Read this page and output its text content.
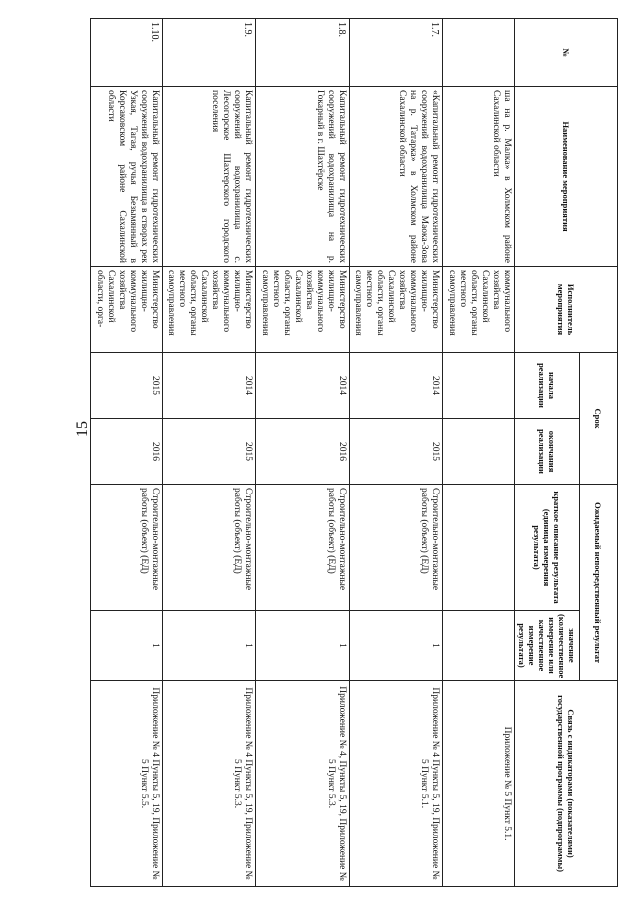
15
№	Наименование мероприятия	Исполнитель мероприятия	Срок		Ожидаемый непосредственный результат		Связь с индикаторами (показателями) государственной программы (подпрограммы)
			начала реализации	окончания реализации	краткое описание результата (единица измерения результата)	значение (количественное измерение или качественное измерение результата)	
	ша на р. Малка» в Холмском районе Сахалинской области	коммунального хозяйства Сахалинской области, органы местного самоуправления					Приложение № 5 Пункт 5.1.
1.7.	«Капитальный ремонт гидротехнических сооружений водохранилища Маока-Зова на р. Татарка» в Холмском районе Сахалинской области	Министерство жилищно-коммунального хозяйства Сахалинской области, органы местного самоуправления	2014	2015	Строительно-монтажные работы (объект) (ЕД)	1	Приложение № 4 Пункты 5, 19, Приложение № 5 Пункт 5.1.
1.8.	Капитальный ремонт гидротехнических сооружений водохранилища на р. Гокарный в г. Шахтёрске	Министерство жилищно-коммунального хозяйства Сахалинской области, органы местного самоуправления	2014	2016	Строительно-монтажные работы (объект) (ЕД)	1	Приложение № 4, Пункты 5, 19, Приложение № 5 Пункт 5.3.
1.9.	Капитальный ремонт гидротехнических сооружений водохранилища с. Лесогорское Шахтерского городского поселения	Министерство жилищно-коммунального хозяйства Сахалинской области, органы местного самоуправления	2014	2015	Строительно-монтажные работы (объект) (ЕД)	1	Приложение № 4 Пункты 5, 19, Приложение № 5 Пункт 5.3.
1.10.	Капитальный ремонт гидротехнических сооружений водохранилища в створах рек Узкая, Тагая, ручья Безымянный в Корсаковском районе Сахалинской области	Министерство жилищно-коммунального хозяйства Сахалинской области, орга-	2015	2016	Строительно-монтажные работы (объект) (ЕД)	1	Приложение № 4 Пункты 5, 19, Приложение № 5 Пункт 5.5.
